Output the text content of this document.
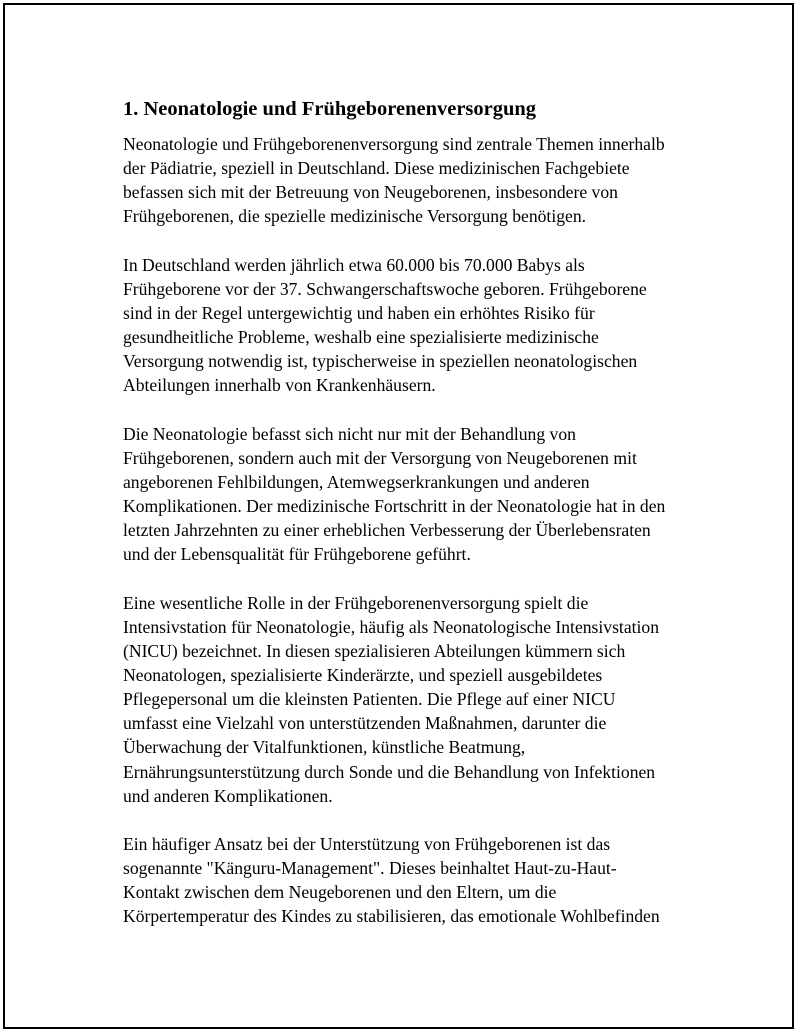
1. Neonatologie und Frühgeborenenversorgung
Neonatologie und Frühgeborenenversorgung sind zentrale Themen innerhalb
der Pädiatrie, speziell in Deutschland. Diese medizinischen Fachgebiete
befassen sich mit der Betreuung von Neugeborenen, insbesondere von
Frühgeborenen, die spezielle medizinische Versorgung benötigen.
In Deutschland werden jährlich etwa 60.000 bis 70.000 Babys als
Frühgeborene vor der 37. Schwangerschaftswoche geboren. Frühgeborene
sind in der Regel untergewichtig und haben ein erhöhtes Risiko für
gesundheitliche Probleme, weshalb eine spezialisierte medizinische
Versorgung notwendig ist, typischerweise in speziellen neonatologischen
Abteilungen innerhalb von Krankenhäusern.
Die Neonatologie befasst sich nicht nur mit der Behandlung von
Frühgeborenen, sondern auch mit der Versorgung von Neugeborenen mit
angeborenen Fehlbildungen, Atemwegserkrankungen und anderen
Komplikationen. Der medizinische Fortschritt in der Neonatologie hat in den
letzten Jahrzehnten zu einer erheblichen Verbesserung der Überlebensraten
und der Lebensqualität für Frühgeborene geführt.
Eine wesentliche Rolle in der Frühgeborenenversorgung spielt die
Intensivstation für Neonatologie, häufig als Neonatologische Intensivstation
(NICU) bezeichnet. In diesen spezialisieren Abteilungen kümmern sich
Neonatologen, spezialisierte Kinderärzte, und speziell ausgebildetes
Pflegepersonal um die kleinsten Patienten. Die Pflege auf einer NICU
umfasst eine Vielzahl von unterstützenden Maßnahmen, darunter die
Überwachung der Vitalfunktionen, künstliche Beatmung,
Ernährungsunterstützung durch Sonde und die Behandlung von Infektionen
und anderen Komplikationen.
Ein häufiger Ansatz bei der Unterstützung von Frühgeborenen ist das
sogenannte "Känguru-Management". Dieses beinhaltet Haut-zu-Haut-
Kontakt zwischen dem Neugeborenen und den Eltern, um die
Körpertemperatur des Kindes zu stabilisieren, das emotionale Wohlbefinden
